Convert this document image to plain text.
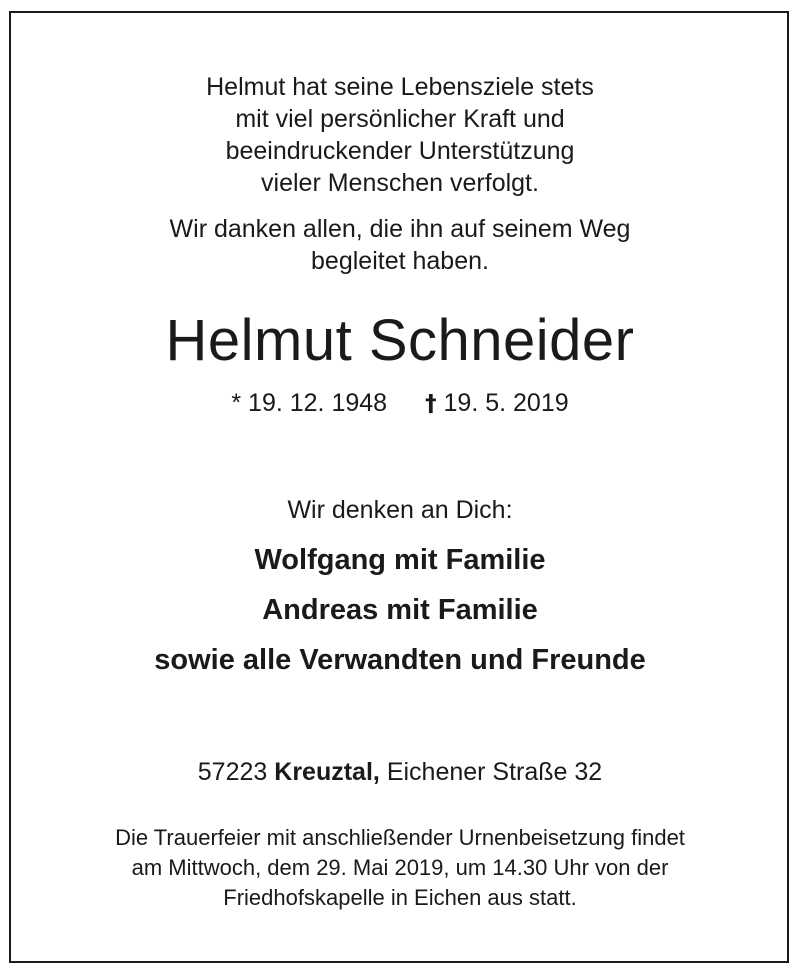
Helmut hat seine Lebensziele stets
mit viel persönlicher Kraft und
beeindruckender Unterstützung
vieler Menschen verfolgt.
Wir danken allen, die ihn auf seinem Weg
begleitet haben.
Helmut Schneider
* 19. 12. 1948 † 19. 5. 2019
Wir denken an Dich:
Wolfgang mit Familie
Andreas mit Familie
sowie alle Verwandten und Freunde
57223 Kreuztal, Eichener Straße 32
Die Trauerfeier mit anschließender Urnenbeisetzung findet
am Mittwoch, dem 29. Mai 2019, um 14.30 Uhr von der
Friedhofskapelle in Eichen aus statt.
